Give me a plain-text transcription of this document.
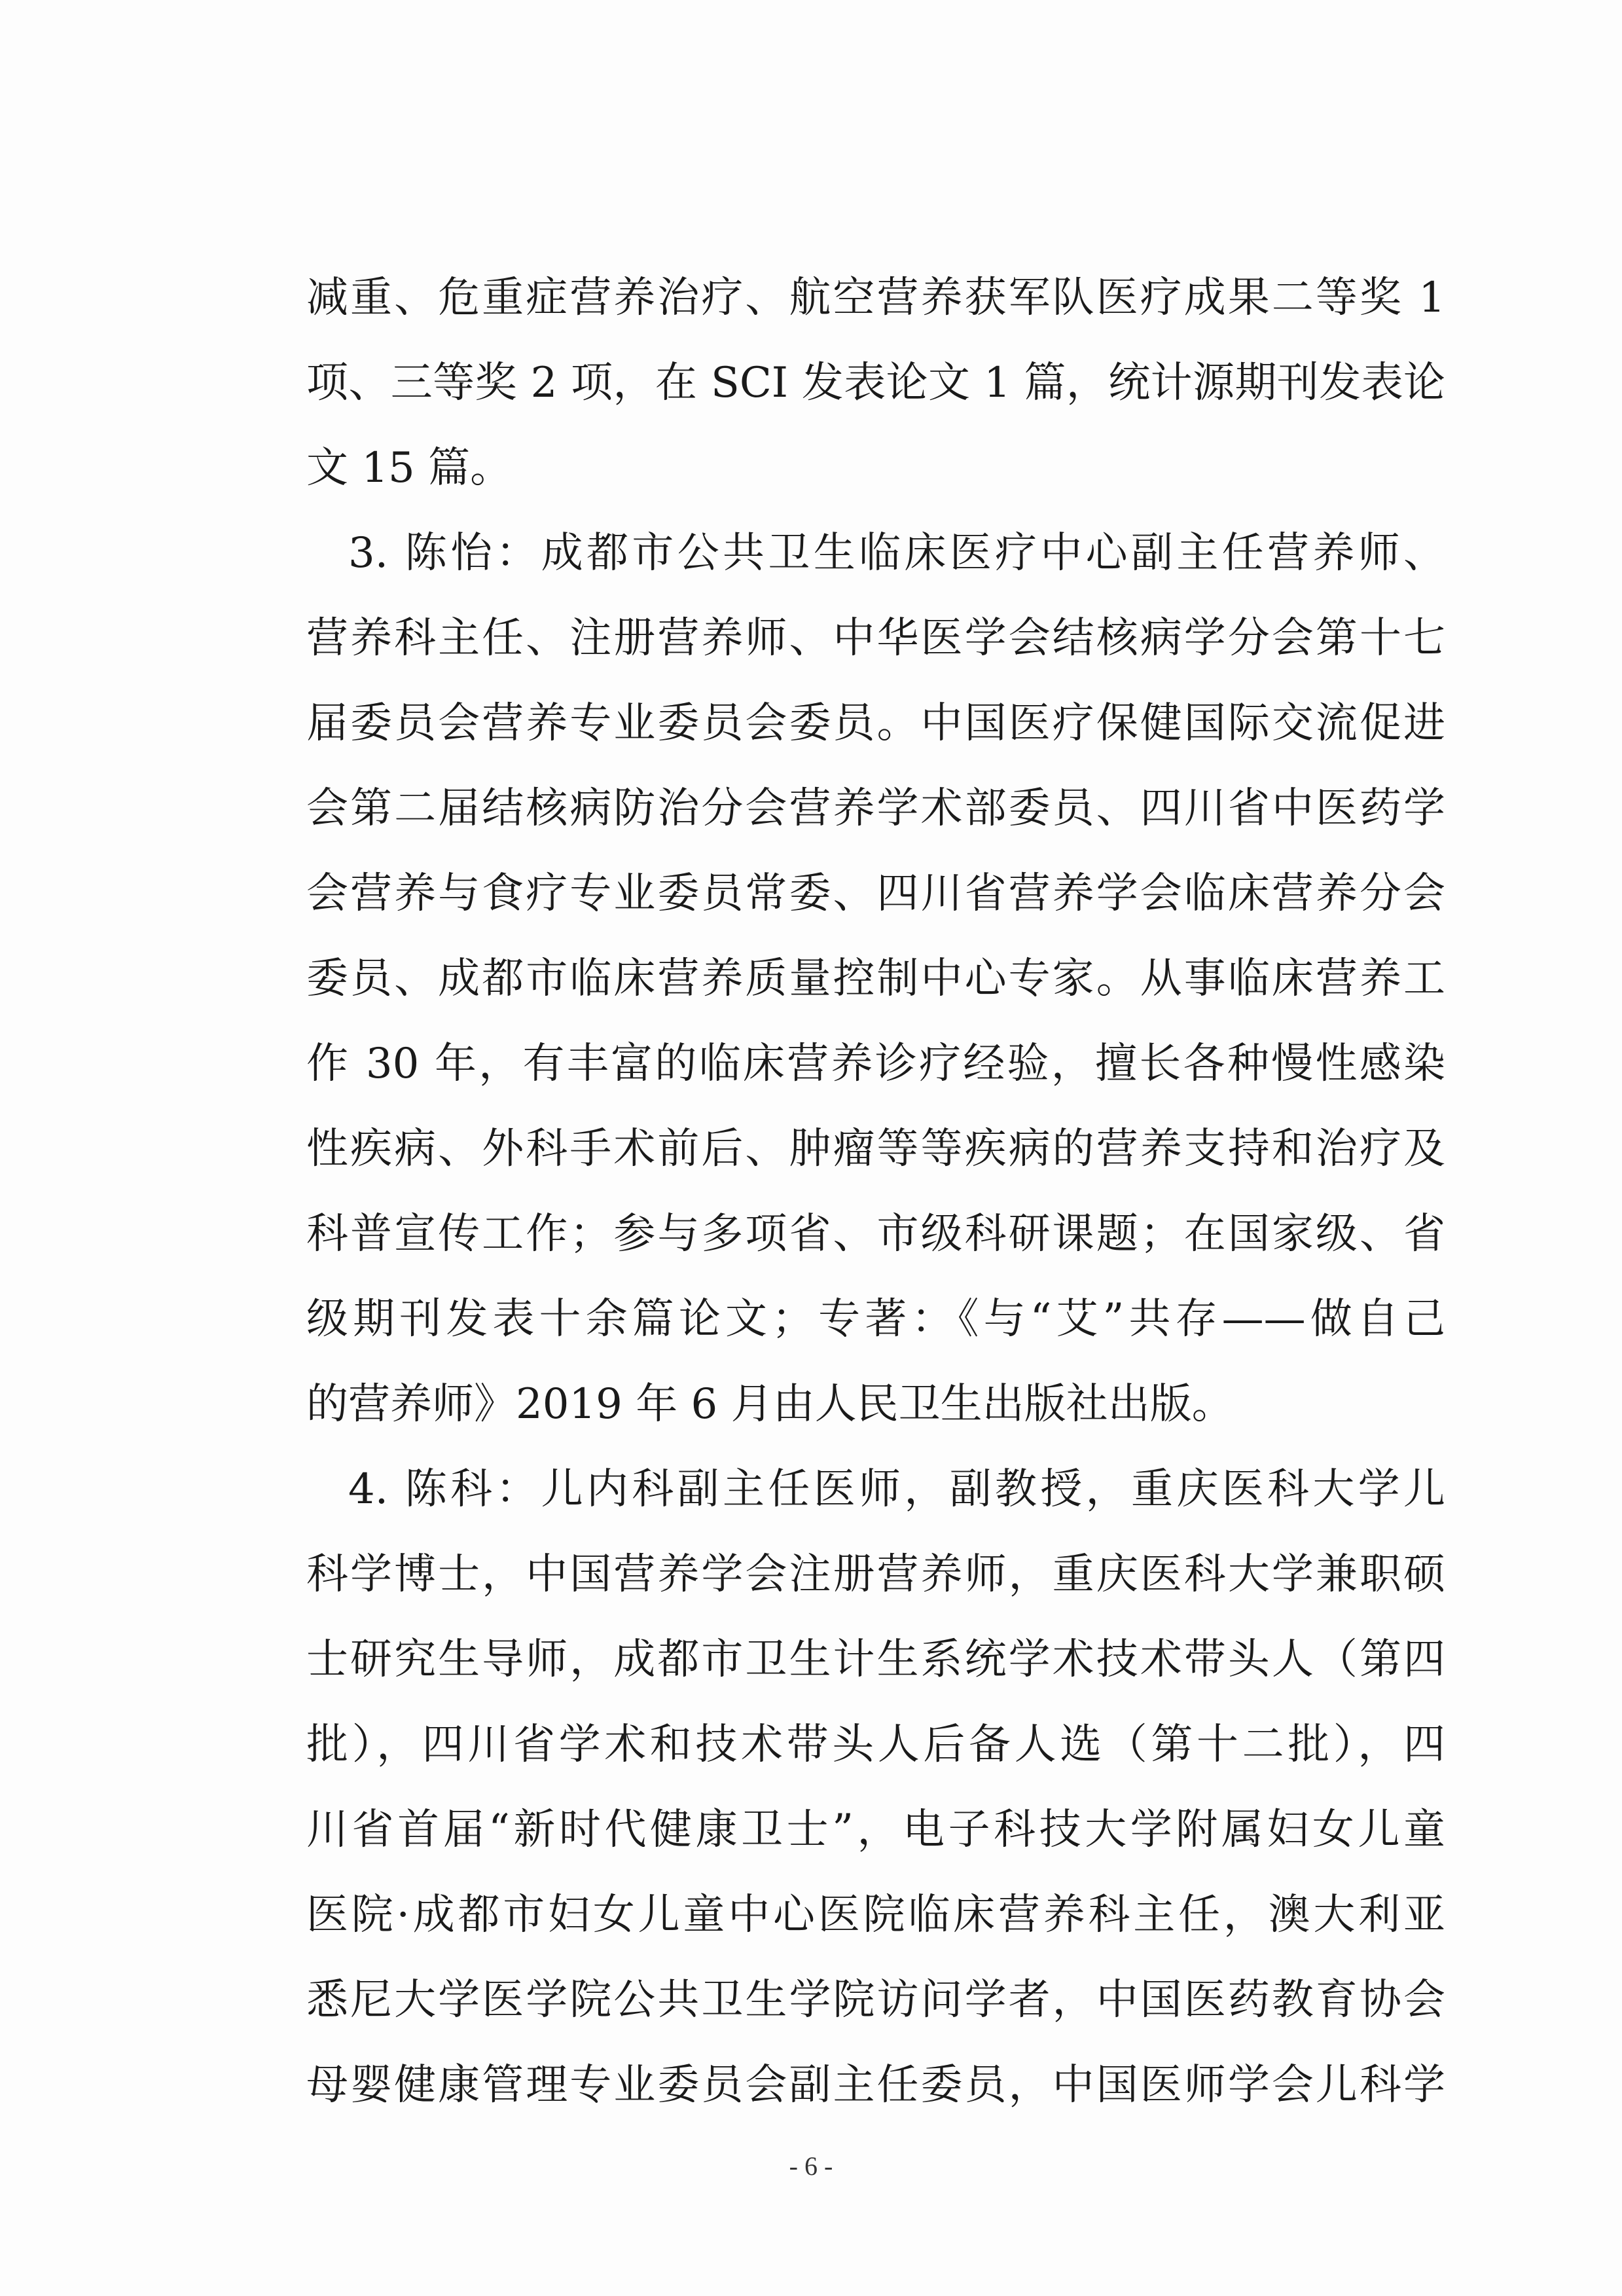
减重、危重症营养治疗、航空营养获军队医疗成果二等奖 1
项、三等奖 2 项，在 SCI 发表论文 1 篇，统计源期刊发表论
文 15 篇。
3. 陈怡：成都市公共卫生临床医疗中心副主任营养师、
营养科主任、注册营养师、中华医学会结核病学分会第十七
届委员会营养专业委员会委员。中国医疗保健国际交流促进
会第二届结核病防治分会营养学术部委员、四川省中医药学
会营养与食疗专业委员常委、四川省营养学会临床营养分会
委员、成都市临床营养质量控制中心专家。从事临床营养工
作 30 年，有丰富的临床营养诊疗经验，擅长各种慢性感染
性疾病、外科手术前后、肿瘤等等疾病的营养支持和治疗及
科普宣传工作；参与多项省、市级科研课题；在国家级、省
级期刊发表十余篇论文；专著：《与“艾”共存——做自己
的营养师》2019 年 6 月由人民卫生出版社出版。
4. 陈科：儿内科副主任医师，副教授，重庆医科大学儿
科学博士，中国营养学会注册营养师，重庆医科大学兼职硕
士研究生导师，成都市卫生计生系统学术技术带头人（第四
批），四川省学术和技术带头人后备人选（第十二批），四
川省首届“新时代健康卫士”，电子科技大学附属妇女儿童
医院·成都市妇女儿童中心医院临床营养科主任，澳大利亚
悉尼大学医学院公共卫生学院访问学者，中国医药教育协会
母婴健康管理专业委员会副主任委员，中国医师学会儿科学
- 6 -
